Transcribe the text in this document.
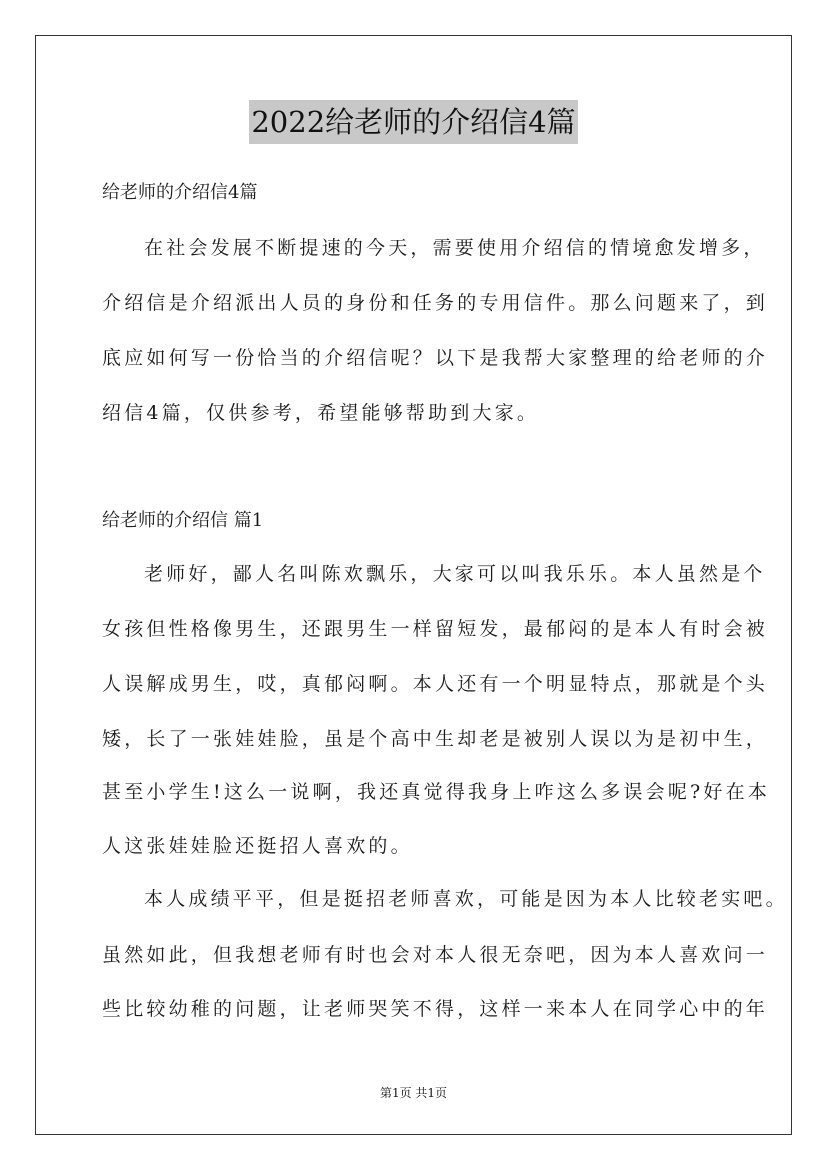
2022给老师的介绍信4篇
给老师的介绍信4篇
在社会发展不断提速的今天，需要使用介绍信的情境愈发增多，
介绍信是介绍派出人员的身份和任务的专用信件。那么问题来了，到
底应如何写一份恰当的介绍信呢？以下是我帮大家整理的给老师的介
绍信4篇，仅供参考，希望能够帮助到大家。
给老师的介绍信 篇1
老师好，鄙人名叫陈欢飘乐，大家可以叫我乐乐。本人虽然是个
女孩但性格像男生，还跟男生一样留短发，最郁闷的是本人有时会被
人误解成男生，哎，真郁闷啊。本人还有一个明显特点，那就是个头
矮，长了一张娃娃脸，虽是个高中生却老是被别人误以为是初中生，
甚至小学生!这么一说啊，我还真觉得我身上咋这么多误会呢?好在本
人这张娃娃脸还挺招人喜欢的。
本人成绩平平，但是挺招老师喜欢，可能是因为本人比较老实吧。
虽然如此，但我想老师有时也会对本人很无奈吧，因为本人喜欢问一
些比较幼稚的问题，让老师哭笑不得，这样一来本人在同学心中的年
第1页 共1页
